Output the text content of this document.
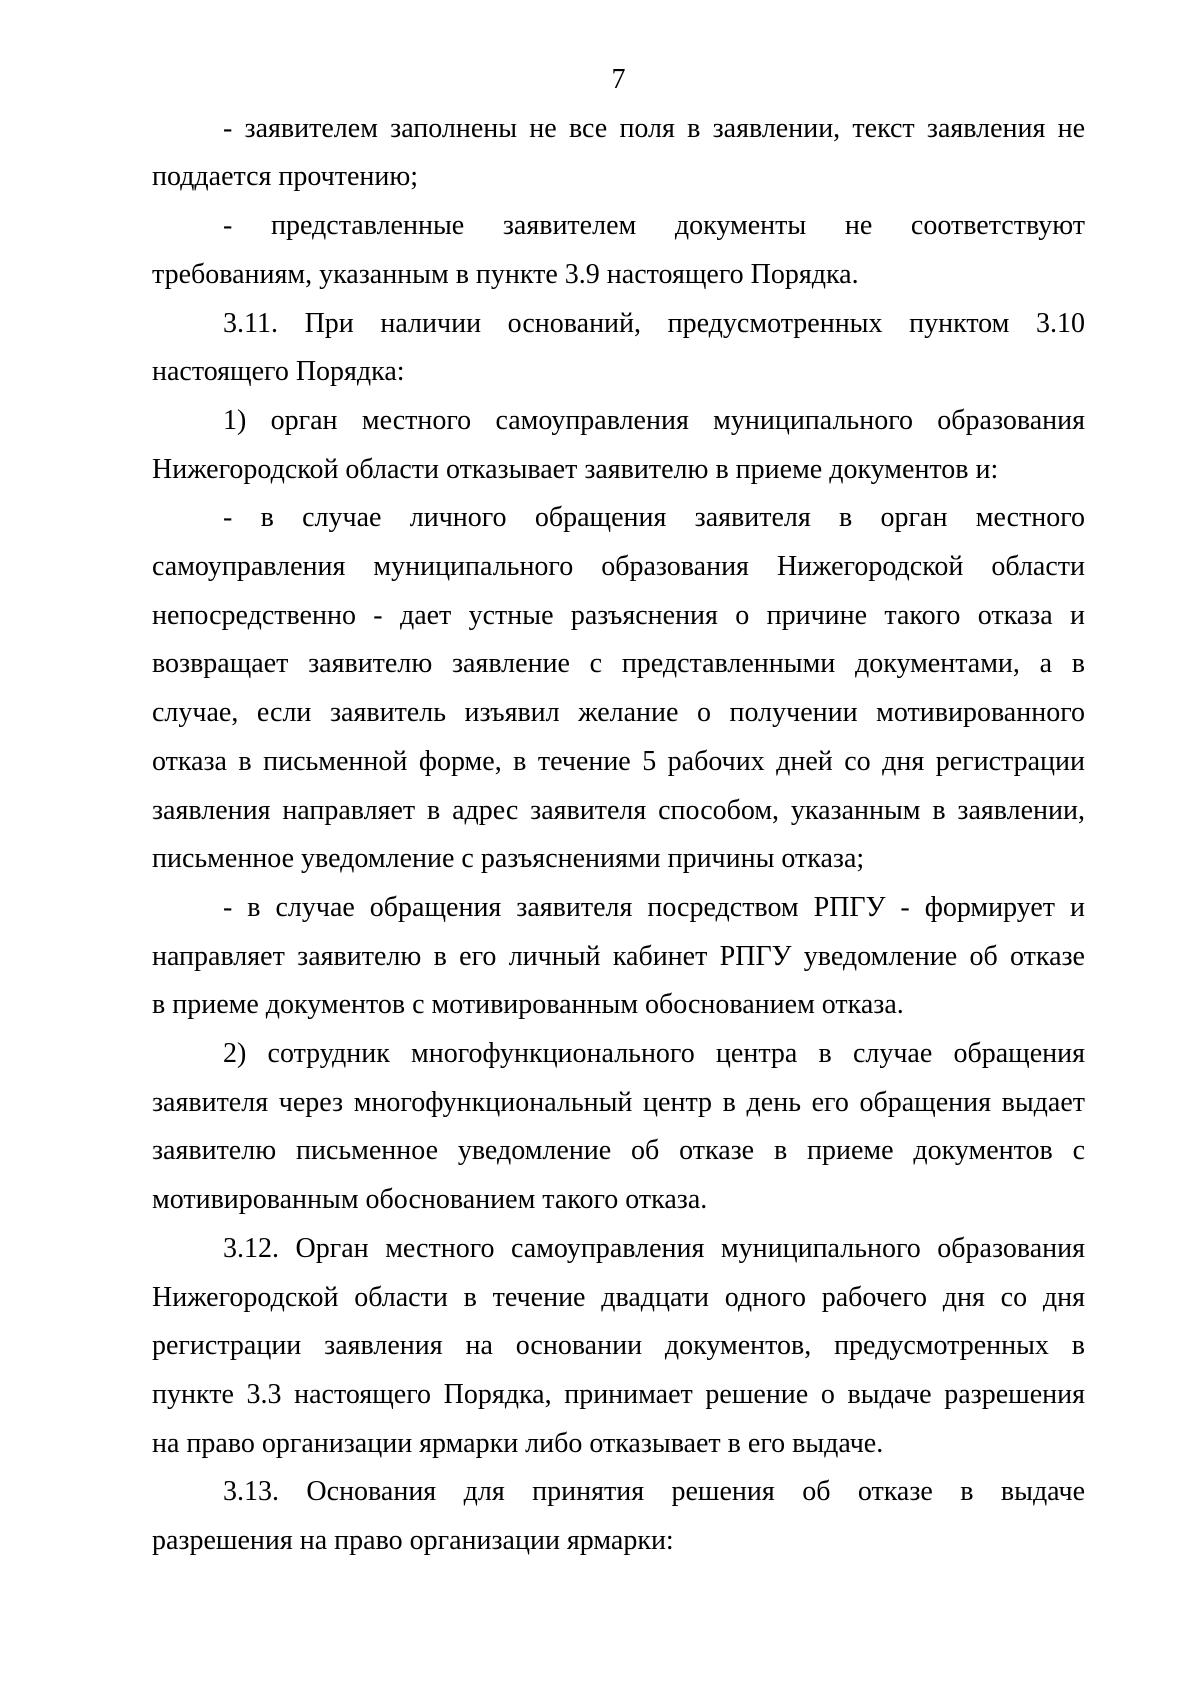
7

- заявителем заполнены не все поля в заявлении, текст заявления не
поддается прочтению;

- представленные заявителем документы не соответствуют
требованиям, указанным в пункте 3.9 настоящего Порядка.

3.11. При наличии оснований, предусмотренных пунктом 3.10
настоящего Порядка:

1) орган местного самоуправления муниципального образования
Нижегородской области отказывает заявителю в приеме документов и:

- в случае личного обращения заявителя в орган местного
самоуправления муниципального образования Нижегородской области
непосредственно - дает устные разъяснения о причине такого отказа и
возвращает заявителю заявление с представленными документами, а в
случае, если заявитель изъявил желание о получении мотивированного
отказа в письменной форме, в течение 5 рабочих дней со дня регистрации
заявления направляет в адрес заявителя способом, указанным в заявлении,
письменное уведомление с разъяснениями причины отказа;

- в случае обращения заявителя посредством РПГУ - формирует и
направляет заявителю в его личный кабинет РПГУ уведомление об отказе
в приеме документов с мотивированным обоснованием отказа.

2) сотрудник многофункционального центра в случае обращения
заявителя через многофункциональный центр в день его обращения выдает
заявителю письменное уведомление об отказе в приеме документов с
мотивированным обоснованием такого отказа.

3.12. Орган местного самоуправления муниципального образования
Нижегородской области в течение двадцати одного рабочего дня со дня
регистрации заявления на основании документов, предусмотренных в
пункте 3.3 настоящего Порядка, принимает решение о выдаче разрешения
на право организации ярмарки либо отказывает в его выдаче.

3.13. Основания для принятия решения об отказе в выдаче
разрешения на право организации ярмарки:
